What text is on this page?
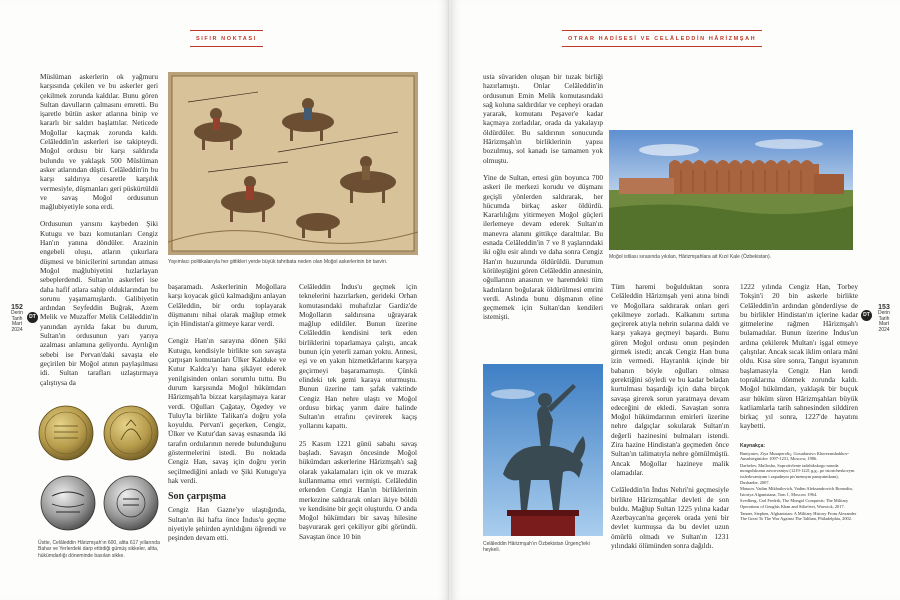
SIFIR NOKTASI

Müslüman askerlerin ok yağmuru karşısında çekilen ve bu askerler geri çekilmek zorunda kaldılar. Bunu gören Sultan davulların çalmasını emretti. Bu işaretle bütün asker atlarına binip ve kararlı bir saldırı başlattılar. Neticede Moğollar kaçmak zorunda kaldı. Celâleddin'in askerleri ise takipteydi. Moğol ordusu bir karşı saldırıda bulundu ve yaklaşık 500 Müslüman asker atlarından düştü. Celâleddin'in bu karşı saldırıya cesaretle karşılık vermesiyle, düşmanları geri püskürtüldü ve savaş Moğol ordusunun mağlubiyetiyle sona erdi.

Ordusunun yarısını kaybeden Şiki Kutugu ve bazı komutanları Cengiz Han'ın yanına döndüler. Arazinin engebeli oluşu, atların çukurlara düşmesi ve binicilerini sırtından atması Moğol mağlubiyetini hızlarlayan sebeplerdendi. Sultan'ın askerleri ise daha hafif atlara sahip olduklarından bu sorunu yaşamamışlardı. Galibiyetin ardından Seyfeddin Buğrak, Azem Melik ve Muzaffer Melik Celâleddin'in yanından ayrılda fakat bu durum, Sultan'ın ordusunun yarı yarıya azalması anlamına geliyordu. Ayrılığın sebebi ise Pervan'daki savaşta ele geçirilen bir Moğol atının paylaşılması idi. Sultan tarafları uzlaştırmaya çalıştıysa da

Üstte, Celâleddin Hârizmşah'ın 600, altta 617 yıllarında Bahar ve Yerlerdeki darp ettirdiği gümüş sikkeler, altta, hükümdarlığı döneminde basılan sikke.
Yayımlacı politikalarıyla her gittikleri yerde büyük tahribata neden olan Moğol askerlerinin bir tasviri.

başaramadı. Askerlerinin Moğollara karşı koyacak gücü kalmadığını anlayan Celâleddin, bir ordu toplayarak düşmanını nihai olarak mağlup etmek için Hindistan'a gitmeye karar verdi.

Cengiz Han'ın sarayına dönen Şiki Kutugu, kendisiyle birlikte son savaşta çarpışan komutanları Ülker Kalduke ve Kutur Kaldca'yı hana şikâyet ederek yenilgisinden onları sorumlu tuttu. Bu durum karşısında Moğol hükümdarı Hârizmşah'la bizzat karşılaşmaya karar verdi. Oğulları Çağatay, Ögedey ve Tuluy'la birlikte Talikan'a doğru yola koyuldu. Pervan'i geçerken, Cengiz, Ülker ve Kutur'dan savaş esnasında iki tarafın ordularının nerede bulunduğunu göstermelerini istedi. Bu noktada Cengiz Han, savaş için doğru yerin seçilmediğini anladı ve Şiki Kutugu'ya hak verdi.

Son çarpışma

Cengiz Han Gazne'ye ulaştığında, Sultan'ın iki hafta önce İndus'u geçme niyetiyle şehirden ayrıldığını öğrendi ve peşinden devam etti.

Celâleddin İndus'u geçmek için teknelerini hazırlarken, gerideki Orhan komutasındaki muhafızlar Gardiz'de Moğolların saldırısına uğrayarak mağlup edildiler. Bunun üzerine Celâleddin kendisini terk eden birliklerini toparlamaya çalıştı, ancak bunun için yeterli zaman yoktu. Annesi, eşi ve en yakın hizmetkârlarını karşıya geçirmeyi başaramamıştı. Çünkü elindeki tek gemi karaya oturmuştu. Bunun üzerine tam şafak vaktinde Cengiz Han nehre ulaştı ve Moğol ordusu birkaç yarım daire halinde Sultan'ın etrafını çevirerek kaçış yollarını kapattı.

25 Kasım 1221 günü sabahı savaş başladı. Savaşın öncesinde Moğol hükümdarı askerlerine Hârizmşah'ı sağ olarak yakalamaları için ok ve mızrak kullanmama emri vermişti. Celâleddin erkenden Cengiz Han'ın birliklerinin merkezine saldırarak onları ikiye böldü ve kendisine bir geçit oluşturdu. O anda Moğol hükümdarı bir savaş hilesine başvurarak geri çekiliyor gibi göründü. Savaştan önce 10 bin

152
Derin
Tarih
Mart
2024
DT
OTRAR HADİSESİ VE CELÂLEDDİN HÂRİZMŞAH

usta süvariden oluşan bir tuzak birliği hazırlamıştı. Onlar Celâleddin'in ordusunun Emin Melik komutasındaki sağ koluna saldırdılar ve cepheyi oradan yararak, komutanı Peşaver'e kadar kaçmaya zorladılar, orada da yakalayıp öldürdüler. Bu saldırının sonucunda Hârizmşah'ın birliklerinin yapısı bozulmuş, sol kanadı ise tamamen yok olmuştu.

Yine de Sultan, ertesi gün boyunca 700 askeri ile merkezi korudu ve düşmanı geçişli yönlerden saldırarak, her hücumda birkaç asker öldürdü. Kararlılığını yitirmeyen Moğol güçleri ilerlemeye devam ederek Sultan'ın manevra alanını gittikçe daralttılar. Bu esnada Celâleddin'in 7 ve 8 yaşlarındaki iki oğlu esir alındı ve daha sonra Cengiz Han'ın huzurunda öldürüldü. Durumun kötüleştiğini gören Celâleddin annesinin, oğullarının anasının ve haremdeki tüm kadınların boğularak öldürülmesi emrini verdi. Aslında bunu düşmanın eline geçmemek için Sultan'dan kendileri istemişti.

Moğol istilası sırasında yıkılan, Hârizmşahlara ait Kızıl Kale (Özbekistan).
Celâleddin Hârizmşah'ın Özbekistan Ürgenç'teki heykeli.

Tüm haremi boğulduktan sonra Celâleddin Hârizmşah yeni atına bindi ve Moğollara saldırarak onları geri çekilmeye zorladı. Kalkanını sırtına geçirerek atıyla nehrin sularına daldı ve karşı yakaya geçmeyi başardı. Bunu gören Moğol ordusu onun peşinden girmek istedi; ancak Cengiz Han buna izin vermedi. Hayranlık içinde bir babanın böyle oğulları olması gerektiğini söyledi ve bu kadar beladan kurtulması başardığı için daha birçok savaşa girerek sorun yaratmaya devam edeceğini de ekledi. Savaştan sonra Moğol hükümdarının emirleri üzerine nehre dalgıçlar sokularak Sultan'ın değerli hazinesini bulmaları istendi. Zira hazine Hindistan'a geçmeden önce Sultan'ın talimatıyla nehre gömülmüştü. Ancak Moğollar hazineye malik olamadılar.

Celâleddin'in İndus Nehri'ni geçmesiyle birlikte Hârizmşahlar devleti de son buldu. Mağlup Sultan 1225 yılına kadar Azerbaycan'na geçerek orada yeni bir devlet kurmuşsa da bu devlet uzun ömürlü olmadı ve Sultan'ın 1231 yılındaki ölümünden sonra dağıldı.

1222 yılında Cengiz Han, Torbey Tokşin'i 20 bin askerle birlikte Celâleddin'in ardından gönderdiyse de bu birlikler Hindistan'ın içlerine kadar gitmelerine rağmen Hârizmşah'ı bulamadılar. Bunun üzerine İndus'un ardına çekilerek Multan'ı işgal etmeye çalıştılar. Ancak sıcak iklim onlara mâni oldu. Kısa süre sonra, Tangut isyanının başlamasıyla Cengiz Han kendi topraklarına dönmek zorunda kaldı. Moğol hükümdarı, yaklaşık bir buçuk asır hüküm süren Hârizmşahları büyük katliamlarla tarih sahnesinden silddiren birkaç yıl sonra, 1227'de hayatını kaybetti.

Kaynakça:
Buniyatov, Ziya Musaperoliç, Gosudarstvo Khorezmshakhov-Anushteginidov 1097-1231, Moscow, 1986.
Darbelov, Mullosho, Soprotivlenie tadzhikskogo naroda mongolskomu zavoevaniyu (1219-1221 g.g., po istoricheskovym issledovaniyam i zapadnym pis'mennym pamyatnikam), Dushanbe, 2007.
Masson, Vadim Mikhailovich, Vadim Aleksandrovich Romodin, Istoriya Afganistana, Tom 1, Moscow 1964.
Svedberg, Carl Fredrik, The Mongol Conquests: The Military Operations of Genghis Khan and Sübe'etei, Warwick, 2017.
Tanner, Stephen, Afghanistan: A Military History From Alexander The Great To The War Against The Taliban, Philadelphia, 2002.
DT
153
Derin
Tarih
Mart
2024
